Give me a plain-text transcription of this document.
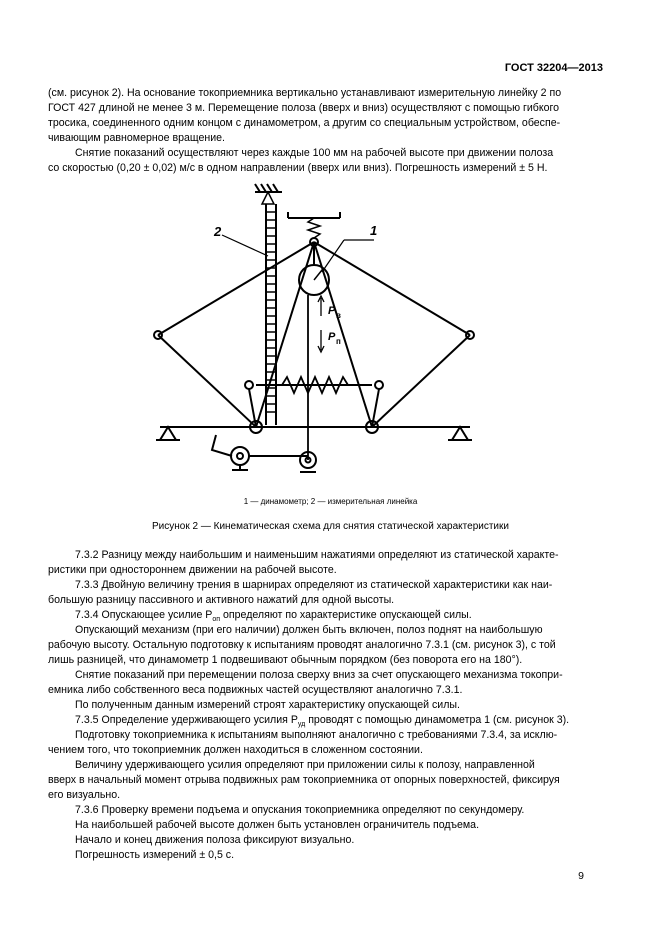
ГОСТ 32204—2013
(см. рисунок 2). На основание токоприемника вертикально устанавливают измерительную линейку 2 по
ГОСТ 427 длиной не менее 3 м. Перемещение полоза (вверх и вниз) осуществляют с помощью гибкого
тросика, соединенного одним концом с динамометром, а другим со специальным устройством, обеспе-
чивающим равномерное вращение.
Снятие показаний осуществляют через каждые 100 мм на рабочей высоте при движении полоза
со скоростью (0,20 ± 0,02) м/с в одном направлении (вверх или вниз). Погрешность измерений ± 5 Н.
2	1
P в
P п
1 — динамометр; 2 — измерительная линейка
Рисунок 2 — Кинематическая схема для снятия статической характеристики
7.3.2 Разницу между наибольшим и наименьшим нажатиями определяют из статической характе-
ристики при одностороннем движении на рабочей высоте.
7.3.3 Двойную величину трения в шарнирах определяют из статической характеристики как наи-
большую разницу пассивного и активного нажатий для одной высоты.
7.3.4 Опускающее усилие $P_{оп}$ определяют по характеристике опускающей силы.
Опускающий механизм (при его наличии) должен быть включен, полоз поднят на наибольшую
рабочую высоту. Остальную подготовку к испытаниям проводят аналогично 7.3.1 (см. рисунок 3), с той
лишь разницей, что динамометр 1 подвешивают обычным порядком (без поворота его на 180°).
Снятие показаний при перемещении полоза сверху вниз за счет опускающего механизма токопри-
емника либо собственного веса подвижных частей осуществляют аналогично 7.3.1.
По полученным данным измерений строят характеристику опускающей силы.
7.3.5 Определение удерживающего усилия $P_{уд}$ проводят с помощью динамометра 1 (см. рисунок 3).
Подготовку токоприемника к испытаниям выполняют аналогично с требованиями 7.3.4, за исклю-
чением того, что токоприемник должен находиться в сложенном состоянии.
Величину удерживающего усилия определяют при приложении силы к полозу, направленной
вверх в начальный момент отрыва подвижных рам токоприемника от опорных поверхностей, фиксируя
его визуально.
7.3.6 Проверку времени подъема и опускания токоприемника определяют по секундомеру.
На наибольшей рабочей высоте должен быть установлен ограничитель подъема.
Начало и конец движения полоза фиксируют визуально.
Погрешность измерений ± 0,5 с.
9
